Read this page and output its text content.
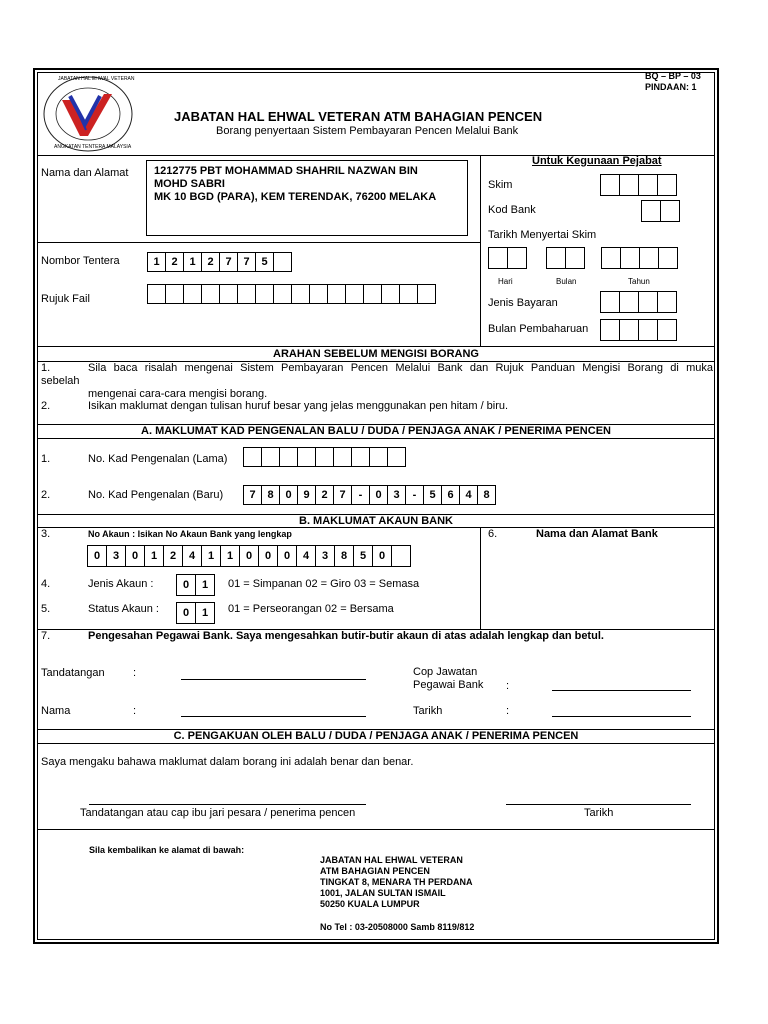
BQ – BP – 03
PINDAAN: 1
JABATAN HAL EHWAL VETERAN
ANGKATAN TENTERA MALAYSIA
JABATAN HAL EHWAL VETERAN ATM BAHAGIAN PENCEN
Borang penyertaan Sistem Pembayaran Pencen Melalui Bank
Nama dan Alamat 1212775 PBT MOHAMMAD SHAHRIL NAZWAN BIN
MOHD SABRI
MK 10 BGD (PARA), KEM TERENDAK, 76200 MELAKA
Nombor Tentera	1	2	1	2	7	7	5
Rujuk Fail
Untuk Kegunaan Pejabat
Skim
Kod Bank
Tarikh Menyertai Skim
Hari	Bulan	Tahun
Jenis Bayaran
Bulan Pembaharuan
ARAHAN SEBELUM MENGISI BORANG
1.	Sila baca risalah mengenai Sistem Pembayaran Pencen Melalui Bank dan Rujuk Panduan Mengisi Borang di muka
sebelah
mengenai cara-cara mengisi borang.
2.	Isikan maklumat dengan tulisan huruf besar yang jelas menggunakan pen hitam / biru.
A. MAKLUMAT KAD PENGENALAN BALU / DUDA / PENJAGA ANAK / PENERIMA PENCEN
1.	No. Kad Pengenalan (Lama)
2.	No. Kad Pengenalan (Baru)	7	8	0	9	2	7	-	0	3	-	5	6	4	8
B. MAKLUMAT AKAUN BANK
3.	No Akaun : Isikan No Akaun Bank yang lengkap
0	3	0	1	2	4	1	1	0	0	0	4	3	8	5	0
6.	Nama dan Alamat Bank
4.	Jenis Akaun :	0	1	01 = Simpanan 02 = Giro 03 = Semasa
5.	Status Akaun :	0	1	01 = Perseorangan 02 = Bersama
7.	Pengesahan Pegawai Bank. Saya mengesahkan butir-butir akaun di atas adalah lengkap dan betul.
Tandatangan	:	Cop Jawatan
Pegawai Bank :
Nama	:	Tarikh	:
C. PENGAKUAN OLEH BALU / DUDA / PENJAGA ANAK / PENERIMA PENCEN
Saya mengaku bahawa maklumat dalam borang ini adalah benar dan benar.
Tandatangan atau cap ibu jari pesara / penerima pencen	Tarikh
Sila kembalikan ke alamat di bawah:
JABATAN HAL EHWAL VETERAN
ATM BAHAGIAN PENCEN
TINGKAT 8, MENARA TH PERDANA
1001, JALAN SULTAN ISMAIL
50250 KUALA LUMPUR
No Tel : 03-20508000 Samb 8119/812
